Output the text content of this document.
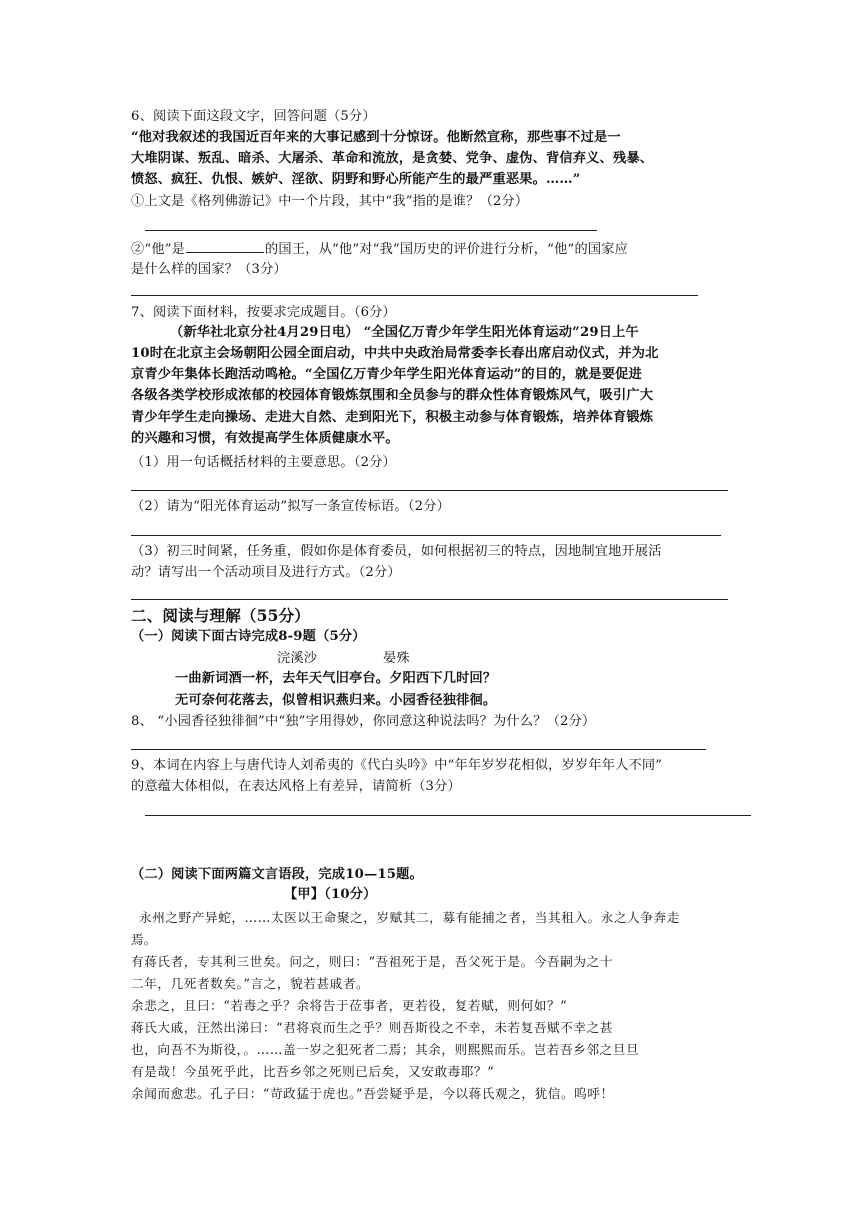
6、阅读下面这段文字，回答问题（5分）
“他对我叙述的我国近百年来的大事记感到十分惊讶。他断然宣称，那些事不过是一
大堆阴谋、叛乱、暗杀、大屠杀、革命和流放，是贪婪、党争、虚伪、背信弃义、残暴、
愤怒、疯狂、仇恨、嫉妒、淫欲、阴野和野心所能产生的最严重恶果。……”
①上文是《格列佛游记》中一个片段，其中“我”指的是谁？（2分）
②“他”是	的国王，从“他”对“我”国历史的评价进行分析，“他”的国家应
是什么样的国家？（3分）
7、阅读下面材料，按要求完成题目。（6分）
（新华社北京分社4月29日电） “全国亿万青少年学生阳光体育运动”29日上午
10时在北京主会场朝阳公园全面启动，中共中央政治局常委李长春出席启动仪式，并为北
京青少年集体长跑活动鸣枪。“全国亿万青少年学生阳光体育运动”的目的，就是要促进
各级各类学校形成浓郁的校园体育锻炼氛围和全员参与的群众性体育锻炼风气，吸引广大
青少年学生走向操场、走进大自然、走到阳光下，积极主动参与体育锻炼，培养体育锻炼
的兴趣和习惯，有效提高学生体质健康水平。
（1）用一句话概括材料的主要意思。（2分）
（2）请为“阳光体育运动”拟写一条宣传标语。（2分）
（3）初三时间紧，任务重，假如你是体育委员，如何根据初三的特点，因地制宜地开展活
动？请写出一个活动项目及进行方式。（2分）
二、阅读与理解（55分）
（一）阅读下面古诗完成8-9题（5分）
浣溪沙	晏殊
一曲新词酒一杯，去年天气旧亭台。夕阳西下几时回？
无可奈何花落去，似曾相识燕归来。小园香径独徘徊。
8、 “小园香径独徘徊”中“独”字用得妙，你同意这种说法吗？为什么？（2分）
9、本词在内容上与唐代诗人刘希夷的《代白头吟》中“年年岁岁花相似，岁岁年年人不同”
的意蕴大体相似，在表达风格上有差异，请简析（3分）
（二）阅读下面两篇文言语段，完成10—15题。
【甲】（10分）
永州之野产异蛇，……太医以王命聚之，岁赋其二，募有能捕之者，当其租入。永之人争奔走
焉。
有蒋氏者，专其利三世矣。问之，则曰：“吾祖死于是，吾父死于是。今吾嗣为之十
二年，几死者数矣。”言之，貌若甚戚者。
余悲之，且曰：“若毒之乎？余将告于莅事者，更若役，复若赋，则何如？”
蒋氏大戚，汪然出涕曰：“君将哀而生之乎？则吾斯役之不幸，未若复吾赋不幸之甚
也，向吾不为斯役，。……盖一岁之犯死者二焉；其余，则熙熙而乐。岂若吾乡邻之旦旦
有是哉！今虽死乎此，比吾乡邻之死则已后矣，又安敢毒耶？”
余闻而愈悲。孔子曰：“苛政猛于虎也。”吾尝疑乎是，今以蒋氏观之，犹信。呜呼！
